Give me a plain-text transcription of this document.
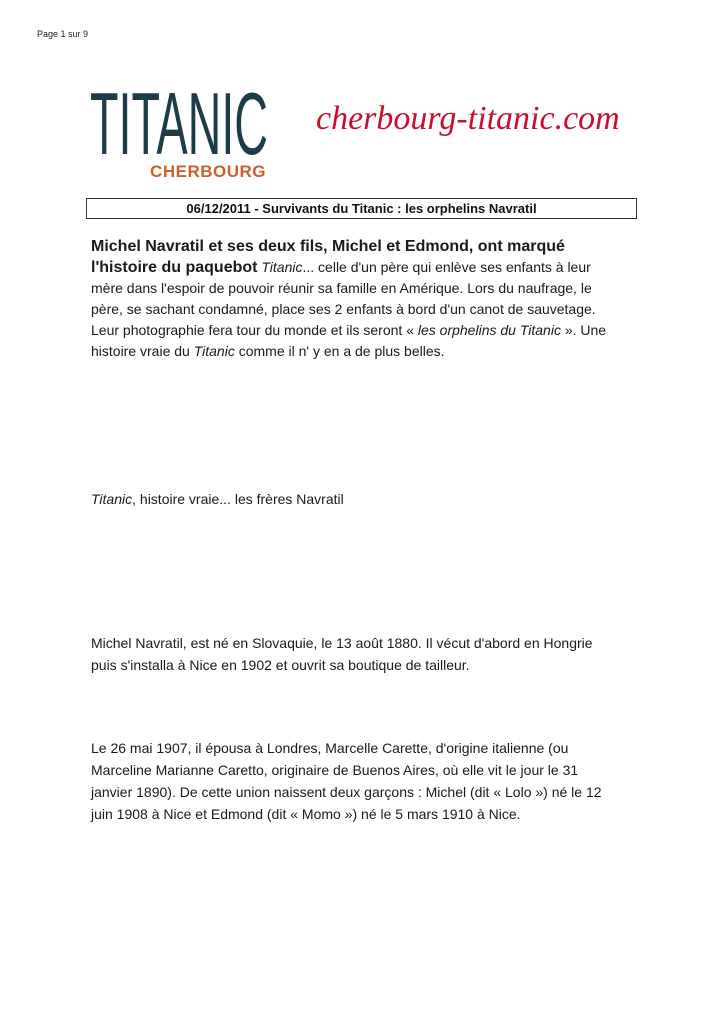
Page 1 sur 9
TITANIC
CHERBOURG
cherbourg-titanic.com
06/12/2011 - Survivants du Titanic : les orphelins Navratil
Michel Navratil et ses deux fils, Michel et Edmond, ont marqué
l'histoire du paquebot Titanic... celle d'un père qui enlève ses enfants à leur
mère dans l'espoir de pouvoir réunir sa famille en Amérique. Lors du naufrage, le
père, se sachant condamné, place ses 2 enfants à bord d'un canot de sauvetage.
Leur photographie fera tour du monde et ils seront « les orphelins du Titanic ». Une
histoire vraie du Titanic comme il n' y en a de plus belles.
Titanic, histoire vraie... les frères Navratil
Michel Navratil, est né en Slovaquie, le 13 août 1880. Il vécut d'abord en Hongrie
puis s'installa à Nice en 1902 et ouvrit sa boutique de tailleur.
Le 26 mai 1907, il épousa à Londres, Marcelle Carette, d'origine italienne (ou
Marceline Marianne Caretto, originaire de Buenos Aires, où elle vit le jour le 31
janvier 1890). De cette union naissent deux garçons : Michel (dit « Lolo ») né le 12
juin 1908 à Nice et Edmond (dit « Momo ») né le 5 mars 1910 à Nice.
